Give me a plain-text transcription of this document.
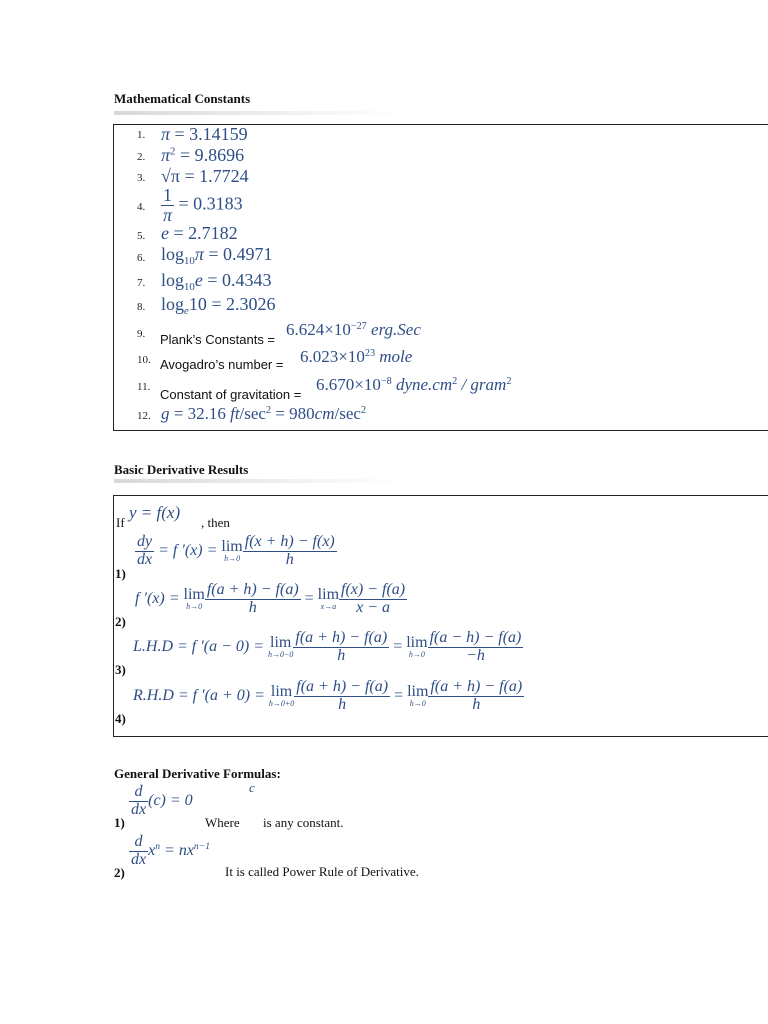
Mathematical Constants
1. π = 3.14159
2. $\pi^2 = 9.8696$
3. √π = 1.7724
4. $\frac{1}{\pi} = 0.3183$
5. e = 2.7182
6. $\log_{10}\pi = 0.4971$
7. $\log_{10}e = 0.4343$
8. $\log_e10 = 2.3026$
9. Plank’s Constants =
$6.624\times 10^{-27}$ erg.Sec
10. Avogadro’s number = $6.023\times 10^{23}$ mole
11. Constant of gravitation =
$6.670\times 10^{-8}$ $dyne.cm^2$ / gram$^2$
12. g = 32.16 $ft/\sec^2 = 980cm/\sec^2$
Basic Derivative Results
If
y = f(x)
, then
1)
$\frac{dy}{dx} = f$ ′(x) = lim
$h\to 0 \frac{f(x + h) - f(x)}{h}$
2)
f ′(x) = lim
$h\to 0 \frac{f(a + h) - f(a)}{h} = \lim$
$x\to a \frac{f(x) - f(a)}{x - a}$
3)
L.H.D = f ′(a − 0) = lim
$h\to 0-0 \frac{f(a + h) - f(a)}{h} = \lim$
$h\to 0 \frac{f(a - h) - f(a)}{-h}$
4)
R.H.D = f ′(a + 0) = lim
$h\to 0+0 \frac{f(a + h) - f(a)}{h} = \lim$
$h\to 0 \frac{f(a + h) - f(a)}{h}$
General Derivative Formulas:
c
1)
$\frac{d}{dx} (c) = 0$
Where is any constant.
2)
$\frac{d}{dx} x^n = nx^{n-1}$
It is called Power Rule of Derivative.
